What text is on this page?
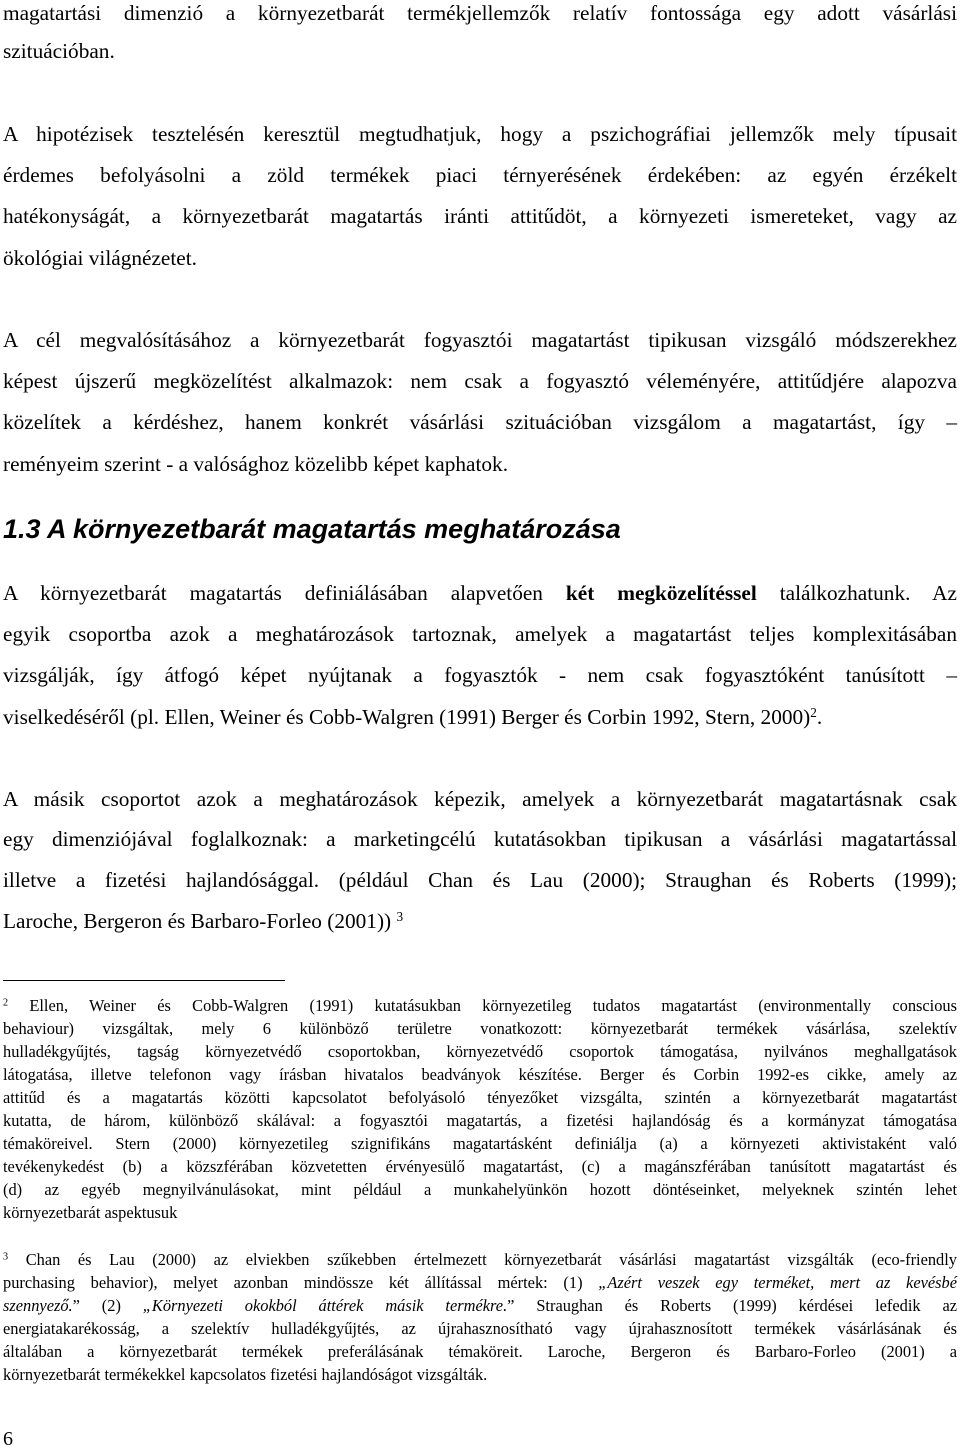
magatartási dimenzió a környezetbarát termékjellemzők relatív fontossága egy adott vásárlási

szituációban.

A hipotézisek tesztelésén keresztül megtudhatjuk, hogy a pszichográfiai jellemzők mely típusait

érdemes befolyásolni a zöld termékek piaci térnyerésének érdekében: az egyén érzékelt

hatékonyságát, a környezetbarát magatartás iránti attitűdöt, a környezeti ismereteket, vagy az

ökológiai világnézetet.

A cél megvalósításához a környezetbarát fogyasztói magatartást tipikusan vizsgáló módszerekhez

képest újszerű megközelítést alkalmazok: nem csak a fogyasztó véleményére, attitűdjére alapozva

közelítek a kérdéshez, hanem konkrét vásárlási szituációban vizsgálom a magatartást, így –

reményeim szerint - a valósághoz közelibb képet kaphatok.

1.3 A környezetbarát magatartás meghatározása

A környezetbarát magatartás definiálásában alapvetően két megközelítéssel találkozhatunk. Az

egyik csoportba azok a meghatározások tartoznak, amelyek a magatartást teljes komplexitásában

vizsgálják, így átfogó képet nyújtanak a fogyasztók - nem csak fogyasztóként tanúsított –

viselkedéséről (pl. Ellen, Weiner és Cobb-Walgren (1991) Berger és Corbin 1992, Stern, 2000)$^2$.

A másik csoportot azok a meghatározások képezik, amelyek a környezetbarát magatartásnak csak

egy dimenziójával foglalkoznak: a marketingcélú kutatásokban tipikusan a vásárlási magatartással

illetve a fizetési hajlandósággal. (például Chan és Lau (2000); Straughan és Roberts (1999);

Laroche, Bergeron és Barbaro-Forleo (2001)) $^3$

$^2$ Ellen, Weiner és Cobb-Walgren (1991) kutatásukban környezetileg tudatos magatartást (environmentally conscious

behaviour) vizsgáltak, mely 6 különböző területre vonatkozott: környezetbarát termékek vásárlása, szelektív

hulladékgyűjtés, tagság környezetvédő csoportokban, környezetvédő csoportok támogatása, nyilvános meghallgatások

látogatása, illetve telefonon vagy írásban hivatalos beadványok készítése. Berger és Corbin 1992-es cikke, amely az

attitűd és a magatartás közötti kapcsolatot befolyásoló tényezőket vizsgálta, szintén a környezetbarát magatartást

kutatta, de három, különböző skálával: a fogyasztói magatartás, a fizetési hajlandóság és a kormányzat támogatása

témaköreivel. Stern (2000) környezetileg szignifikáns magatartásként definiálja (a) a környezeti aktivistaként való

tevékenykedést (b) a közszférában közvetetten érvényesülő magatartást, (c) a magánszférában tanúsított magatartást és

(d) az egyéb megnyilvánulásokat, mint például a munkahelyünkön hozott döntéseinket, melyeknek szintén lehet

környezetbarát aspektusuk

$^3$ Chan és Lau (2000) az elviekben szűkebben értelmezett környezetbarát vásárlási magatartást vizsgálták (eco-friendly

purchasing behavior), melyet azonban mindössze két állítással mértek: (1) „Azért veszek egy terméket, mert az kevésbé

szennyező.” (2) „Környezeti okokból áttérek másik termékre.” Straughan és Roberts (1999) kérdései lefedik az

energiatakarékosság, a szelektív hulladékgyűjtés, az újrahasznosítható vagy újrahasznosított termékek vásárlásának és

általában a környezetbarát termékek preferálásának témaköreit. Laroche, Bergeron és Barbaro-Forleo (2001) a

környezetbarát termékekkel kapcsolatos fizetési hajlandóságot vizsgálták.

6
